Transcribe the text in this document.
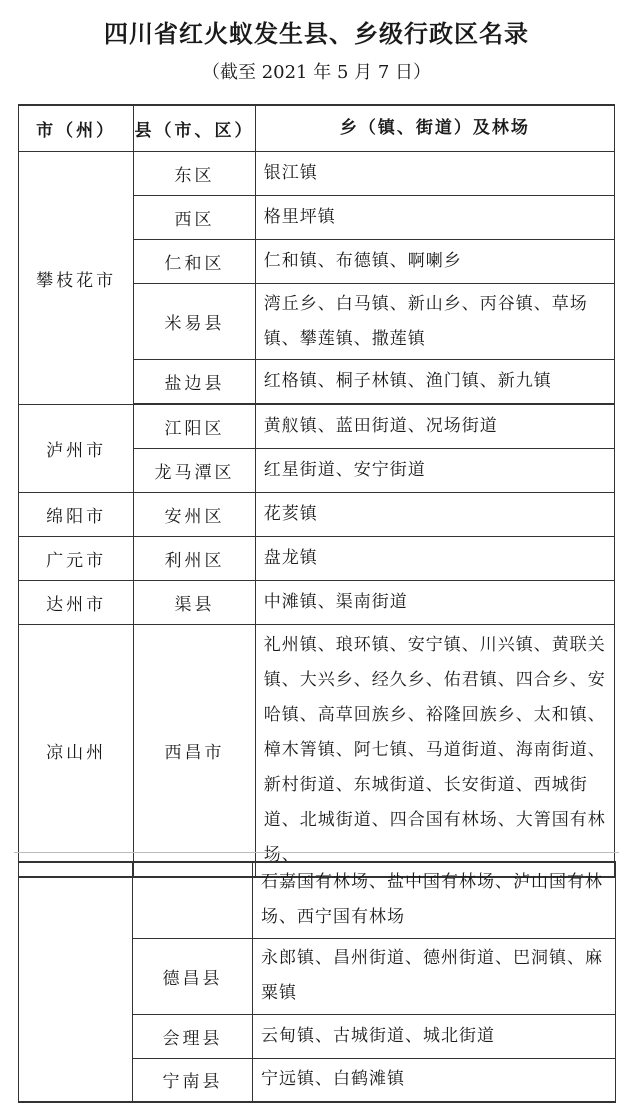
四川省红火蚁发生县、乡级行政区名录
（截至 2021 年 5 月 7 日）
市（州）	县（市、区）	乡（镇、街道）及林场
攀枝花市	东区	银江镇
	西区	格里坪镇
	仁和区	仁和镇、布德镇、啊喇乡
	米易县	湾丘乡、白马镇、新山乡、丙谷镇、草场镇、攀莲镇、撒莲镇
	盐边县	红格镇、桐子林镇、渔门镇、新九镇

泸州市	江阳区	黄舣镇、蓝田街道、况场街道
	龙马潭区	红星街道、安宁街道
绵阳市	安州区	花荄镇
广元市	利州区	盘龙镇
达州市	渠县	中滩镇、渠南街道
凉山州	西昌市	礼州镇、琅环镇、安宁镇、川兴镇、黄联关镇、大兴乡、经久乡、佑君镇、四合乡、安哈镇、高草回族乡、裕隆回族乡、太和镇、樟木箐镇、阿七镇、马道街道、海南街道、新村街道、东城街道、长安街道、西城街道、北城街道、四合国有林场、大箐国有林场、
		石嘉国有林场、盐中国有林场、泸山国有林场、西宁国有林场
	德昌县	永郎镇、昌州街道、德州街道、巴洞镇、麻粟镇
	会理县	云甸镇、古城街道、城北街道
	宁南县	宁远镇、白鹤滩镇
